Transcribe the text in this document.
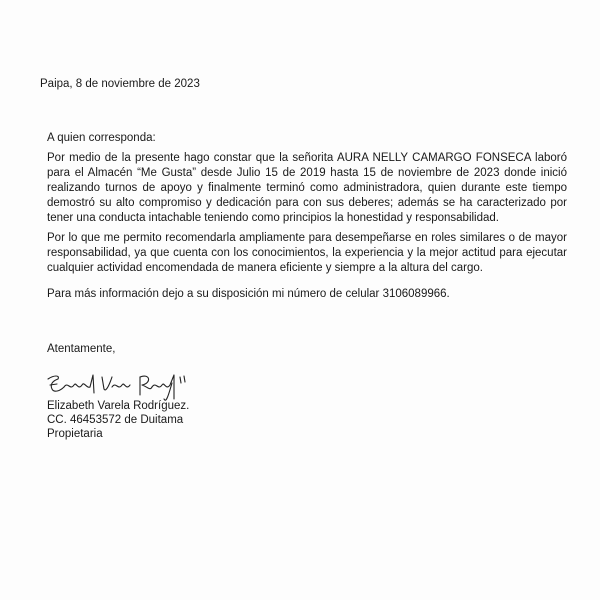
Paipa, 8 de noviembre de 2023
A quien corresponda:
Por medio de la presente hago constar que la señorita AURA NELLY CAMARGO FONSECA laboró para el Almacén “Me Gusta” desde Julio 15 de 2019 hasta 15 de noviembre de 2023 donde inició realizando turnos de apoyo y finalmente terminó como administradora, quien durante este tiempo demostró su alto compromiso y dedicación para con sus deberes; además se ha caracterizado por tener una conducta intachable teniendo como principios la honestidad y responsabilidad.
Por lo que me permito recomendarla ampliamente para desempeñarse en roles similares o de mayor responsabilidad, ya que cuenta con los conocimientos, la experiencia y la mejor actitud para ejecutar cualquier actividad encomendada de manera eficiente y siempre a la altura del cargo.
Para más información dejo a su disposición mi número de celular 3106089966.
Atentamente,
Elizabeth Varela Rodríguez.
CC. 46453572 de Duitama
Propietaria
